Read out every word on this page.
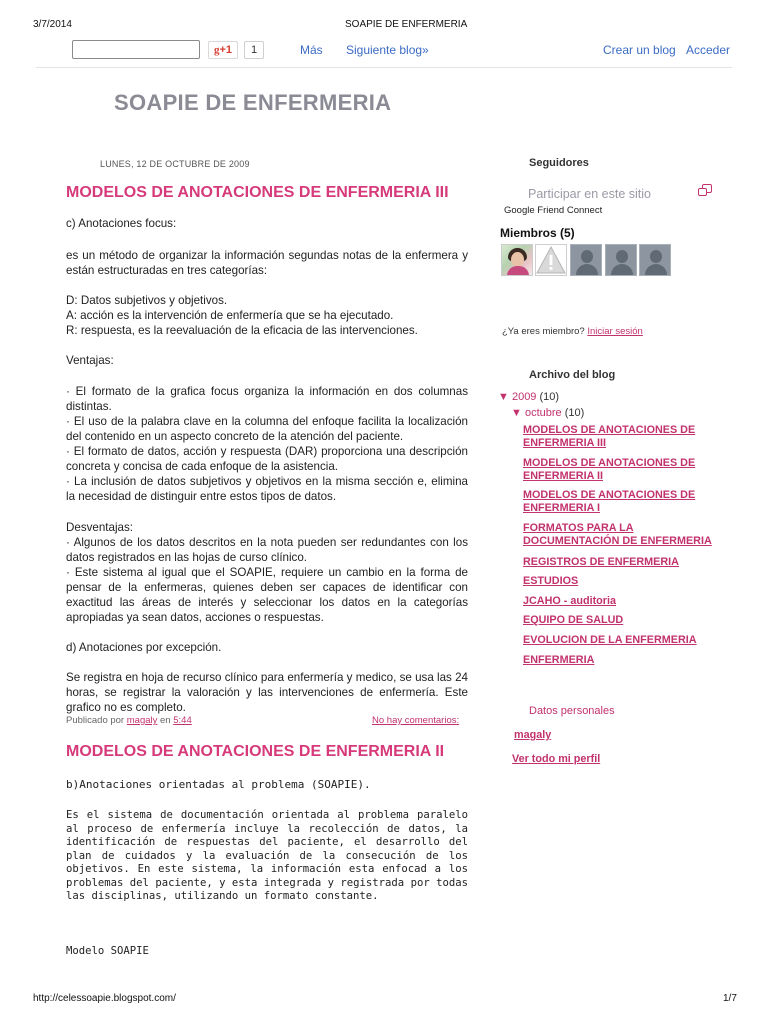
3/7/2014	SOAPIE DE ENFERMERIA
g+1	1	Más Siguiente blog»	Crear un blog Acceder
SOAPIE DE ENFERMERIA
LUNES, 12 DE OCTUBRE DE 2009
MODELOS DE ANOTACIONES DE ENFERMERIA III
c) Anotaciones focus:
es un método de organizar la información segundas notas de la enfermera y están estructuradas en tres categorías:
D: Datos subjetivos y objetivos.
A: acción es la intervención de enfermería que se ha ejecutado.
R: respuesta, es la reevaluación de la eficacia de las intervenciones.
Ventajas:
· El formato de la grafica focus organiza la información en dos columnas distintas.
· El uso de la palabra clave en la columna del enfoque facilita la localización del contenido en un aspecto concreto de la atención del paciente.
· El formato de datos, acción y respuesta (DAR) proporciona una descripción concreta y concisa de cada enfoque de la asistencia.
· La inclusión de datos subjetivos y objetivos en la misma sección e, elimina la necesidad de distinguir entre estos tipos de datos.
Desventajas:
· Algunos de los datos descritos en la nota pueden ser redundantes con los datos registrados en las hojas de curso clínico.
· Este sistema al igual que el SOAPIE, requiere un cambio en la forma de pensar de la enfermeras, quienes deben ser capaces de identificar con exactitud las áreas de interés y seleccionar los datos en la categorías apropiadas ya sean datos, acciones o respuestas.
d) Anotaciones por excepción.
Se registra en hoja de recurso clínico para enfermería y medico, se usa las 24 horas, se registrar la valoración y las intervenciones de enfermería. Este grafico no es completo.
Publicado por magaly en 5:44	No hay comentarios:
MODELOS DE ANOTACIONES DE ENFERMERIA II
b)Anotaciones orientadas al problema (SOAPIE).
Es el sistema de documentación orientada al problema paralelo al proceso de enfermería incluye la recolección de datos, la identificación de respuestas del paciente, el desarrollo del plan de cuidados y la evaluación de la consecución de los objetivos. En este sistema, la información esta enfocad a los problemas del paciente, y esta integrada y registrada por todas las disciplinas, utilizando un formato constante.
Modelo SOAPIE
Seguidores
Participar en este sitio
Google Friend Connect
Miembros (5)
¿Ya eres miembro? Iniciar sesión
Archivo del blog
▼ 2009 (10)
▼ octubre (10)
MODELOS DE ANOTACIONES DE ENFERMERIA III
MODELOS DE ANOTACIONES DE ENFERMERIA II
MODELOS DE ANOTACIONES DE ENFERMERIA I
FORMATOS PARA LA DOCUMENTACIÓN DE ENFERMERIA
REGISTROS DE ENFERMERIA
ESTUDIOS
JCAHO - auditoria
EQUIPO DE SALUD
EVOLUCION DE LA ENFERMERIA
ENFERMERIA
Datos personales
magaly
Ver todo mi perfil
http://celessoapie.blogspot.com/	1/7
